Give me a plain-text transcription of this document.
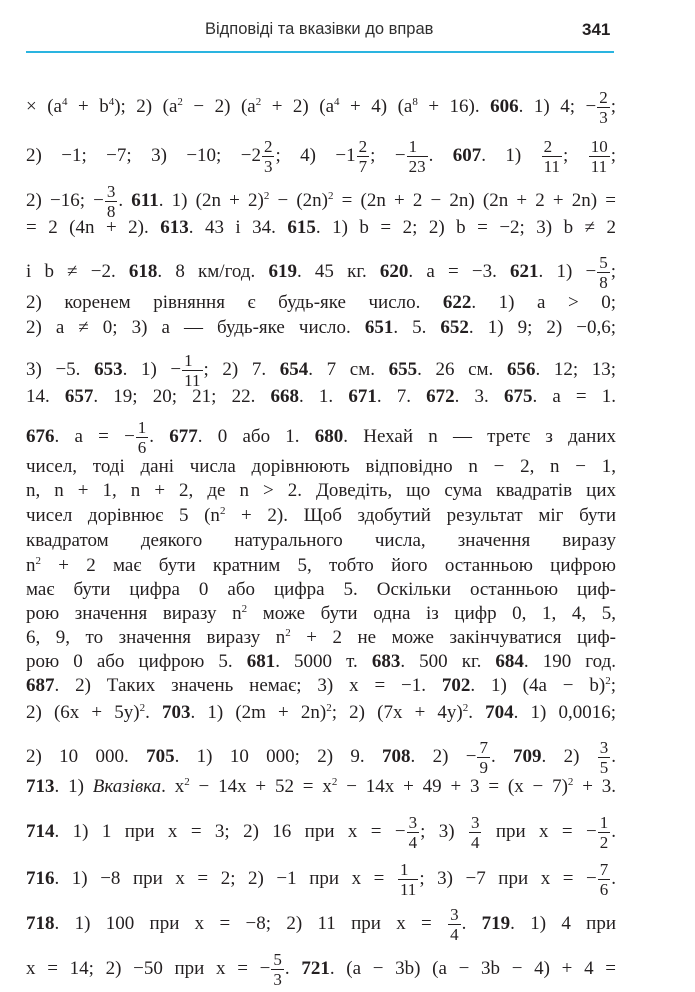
Відповіді та вказівки до вправ	341
× $(a^4 + b^4)$; 2) $(a^2 - 2) (a^2 + 2) (a^4 + 4) (a^8 + 16)$. 606. 1) 4; − $\frac{2}{3}$ ;
2) −1; −7; 3) −10; $-2 \frac{2}{3}$ ; $4) -1 \frac{2}{7}$ ; − $\frac{1}{23}$ . 607. $1) \frac{2}{11}$ ; $\frac{10}{11}$ ;
2) −16; − $\frac{3}{8}$ . 611. 1) $(2n + 2)^2 - (2n)^2 = (2n + 2 - 2n)$ (2n + 2 + 2n) =
= 2 (4n + 2). 613. 43 і 34. 615. 1) b = 2; 2) b = −2; 3) b ≠ 2
і b ≠ −2. 618. 8 км/год. 619. 45 кг. 620. a = −3. 621. $1) - \frac{5}{8}$ ;
2) коренем рівняння є будь-яке число. 622. 1) a > 0;
2) a ≠ 0; 3) a — будь-яке число. 651. 5. 652. 1) 9; 2) −0,6;
3) −5. 653. $1) - \frac{1}{11}$ ; 2) 7. 654. 7 см. 655. 26 см. 656. 12; 13;
14. 657. 19; 20; 21; 22. 668. 1. 671. 7. 672. 3. 675. a = 1.
676. a = − $\frac{1}{6}$ . 677. 0 або 1. 680. Нехай n — третє з даних
чисел, тоді дані числа дорівнюють відповідно n − 2, n − 1,
n, n + 1, n + 2, де n > 2. Доведіть, що сума квадратів цих
чисел дорівнює 5 $(n^2 + 2)$. Щоб здобутий результат міг бути
квадратом деякого натурального числа, значення виразу
$n^2 + 2$ має бути кратним 5, тобто його останньою цифрою
має бути цифра 0 або цифра 5. Оскільки останньою циф-
рою значення виразу $n^2$ може бути одна із цифр 0, 1, 4, 5,
6, 9, то значення виразу $n^2 + 2$ не може закінчуватися циф-
рою 0 або цифрою 5. 681. 5000 т. 683. 500 кг. 684. 190 год.
687. 2) Таких значень немає; 3) x = −1. 702. 1) $(4a - b)^2$;
2) $(6x + 5y)^2$. 703. 1) $(2m + 2n)^2$; 2) $(7x + 4y)^2$. 704. 1) 0,0016;
2) 10 000. 705. 1) 10 000; 2) 9. 708. $2) - \frac{7}{9}$ . 709. $2) \frac{3}{5}$ .
713. 1) Вказівка. $x^2 - 14x + 52 = x^2 - 14x + 49 + 3 = (x - 7)^2 + 3$.
714. 1) 1 при x = 3; 2) 16 при x = − $\frac{3}{4}$ ; $3) \frac{3}{4}$ при x = − $\frac{1}{2}$ .
716. 1) −8 при x = 2; 2) −1 при $x = \frac{1}{11}$ ; 3) −7 при x = − $\frac{7}{6}$ .
718. 1) 100 при x = −8; 2) 11 при $x = \frac{3}{4}$ . 719. 1) 4 при
x = 14; 2) −50 при x = − $\frac{5}{3}$ . 721. (a − 3b) (a − 3b − 4) + 4 =
